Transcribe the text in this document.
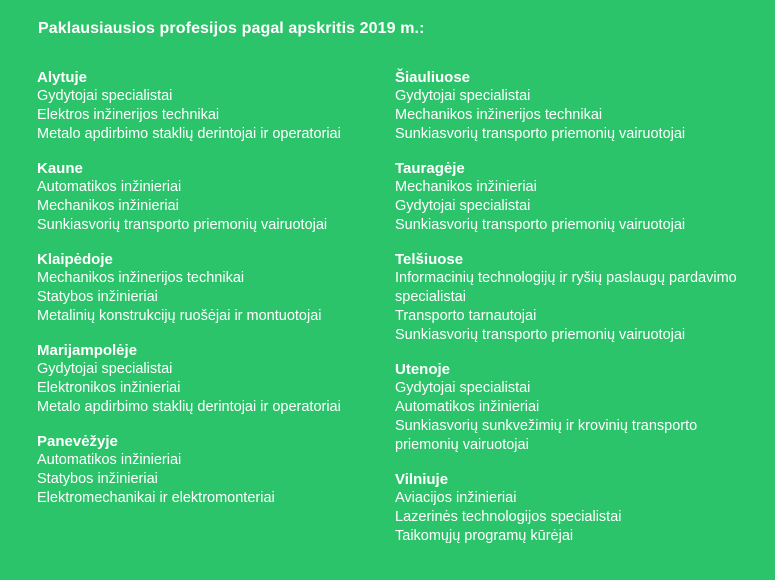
Paklausiausios profesijos pagal apskritis 2019 m.:
Alytuje
Gydytojai specialistai
Elektros inžinerijos technikai
Metalo apdirbimo staklių derintojai ir operatoriai
Kaune
Automatikos inžinieriai
Mechanikos inžinieriai
Sunkiasvorių transporto priemonių vairuotojai
Klaipėdoje
Mechanikos inžinerijos technikai
Statybos inžinieriai
Metalinių konstrukcijų ruošėjai ir montuotojai
Marijampolėje
Gydytojai specialistai
Elektronikos inžinieriai
Metalo apdirbimo staklių derintojai ir operatoriai
Panevėžyje
Automatikos inžinieriai
Statybos inžinieriai
Elektromechanikai ir elektromonteriai
Šiauliuose
Gydytojai specialistai
Mechanikos inžinerijos technikai
Sunkiasvorių transporto priemonių vairuotojai
Tauragėje
Mechanikos inžinieriai
Gydytojai specialistai
Sunkiasvorių transporto priemonių vairuotojai
Telšiuose
Informacinių technologijų ir ryšių paslaugų pardavimo specialistai
Transporto tarnautojai
Sunkiasvorių transporto priemonių vairuotojai
Utenoje
Gydytojai specialistai
Automatikos inžinieriai
Sunkiasvorių sunkvežimių ir krovinių transporto priemonių vairuotojai
Vilniuje
Aviacijos inžinieriai
Lazerinės technologijos specialistai
Taikomųjų programų kūrėjai
